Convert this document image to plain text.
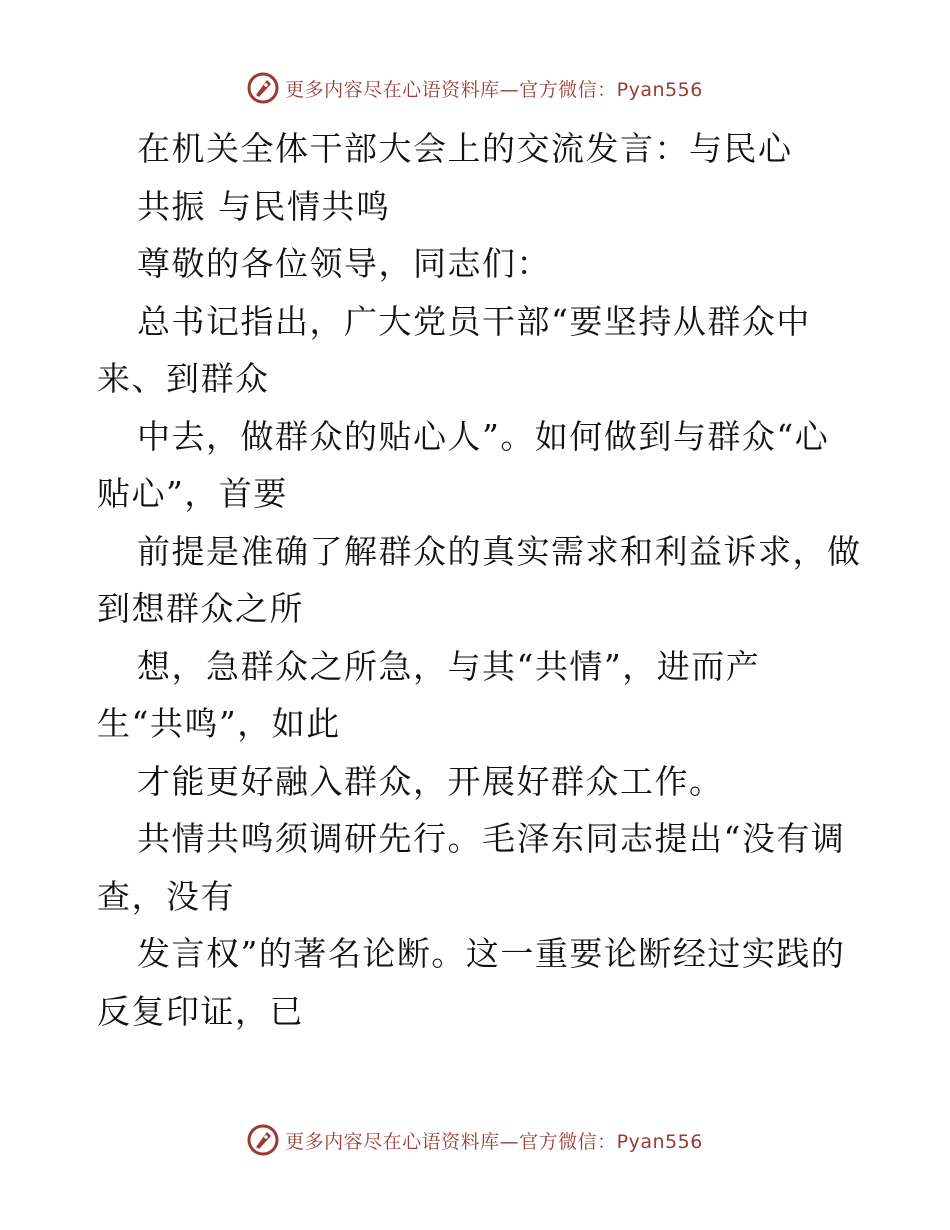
更多内容尽在心语资料库—官方微信：Pyan556
在机关全体干部大会上的交流发言：与民心
共振 与民情共鸣
尊敬的各位领导，同志们：
总书记指出，广大党员干部“要坚持从群众中
来、到群众
中去，做群众的贴心人”。如何做到与群众“心
贴心”，首要
前提是准确了解群众的真实需求和利益诉求，做
到想群众之所
想，急群众之所急，与其“共情”，进而产
生“共鸣”，如此
才能更好融入群众，开展好群众工作。
共情共鸣须调研先行。毛泽东同志提出“没有调
查，没有
发言权”的著名论断。这一重要论断经过实践的
反复印证，已
更多内容尽在心语资料库—官方微信：Pyan556
